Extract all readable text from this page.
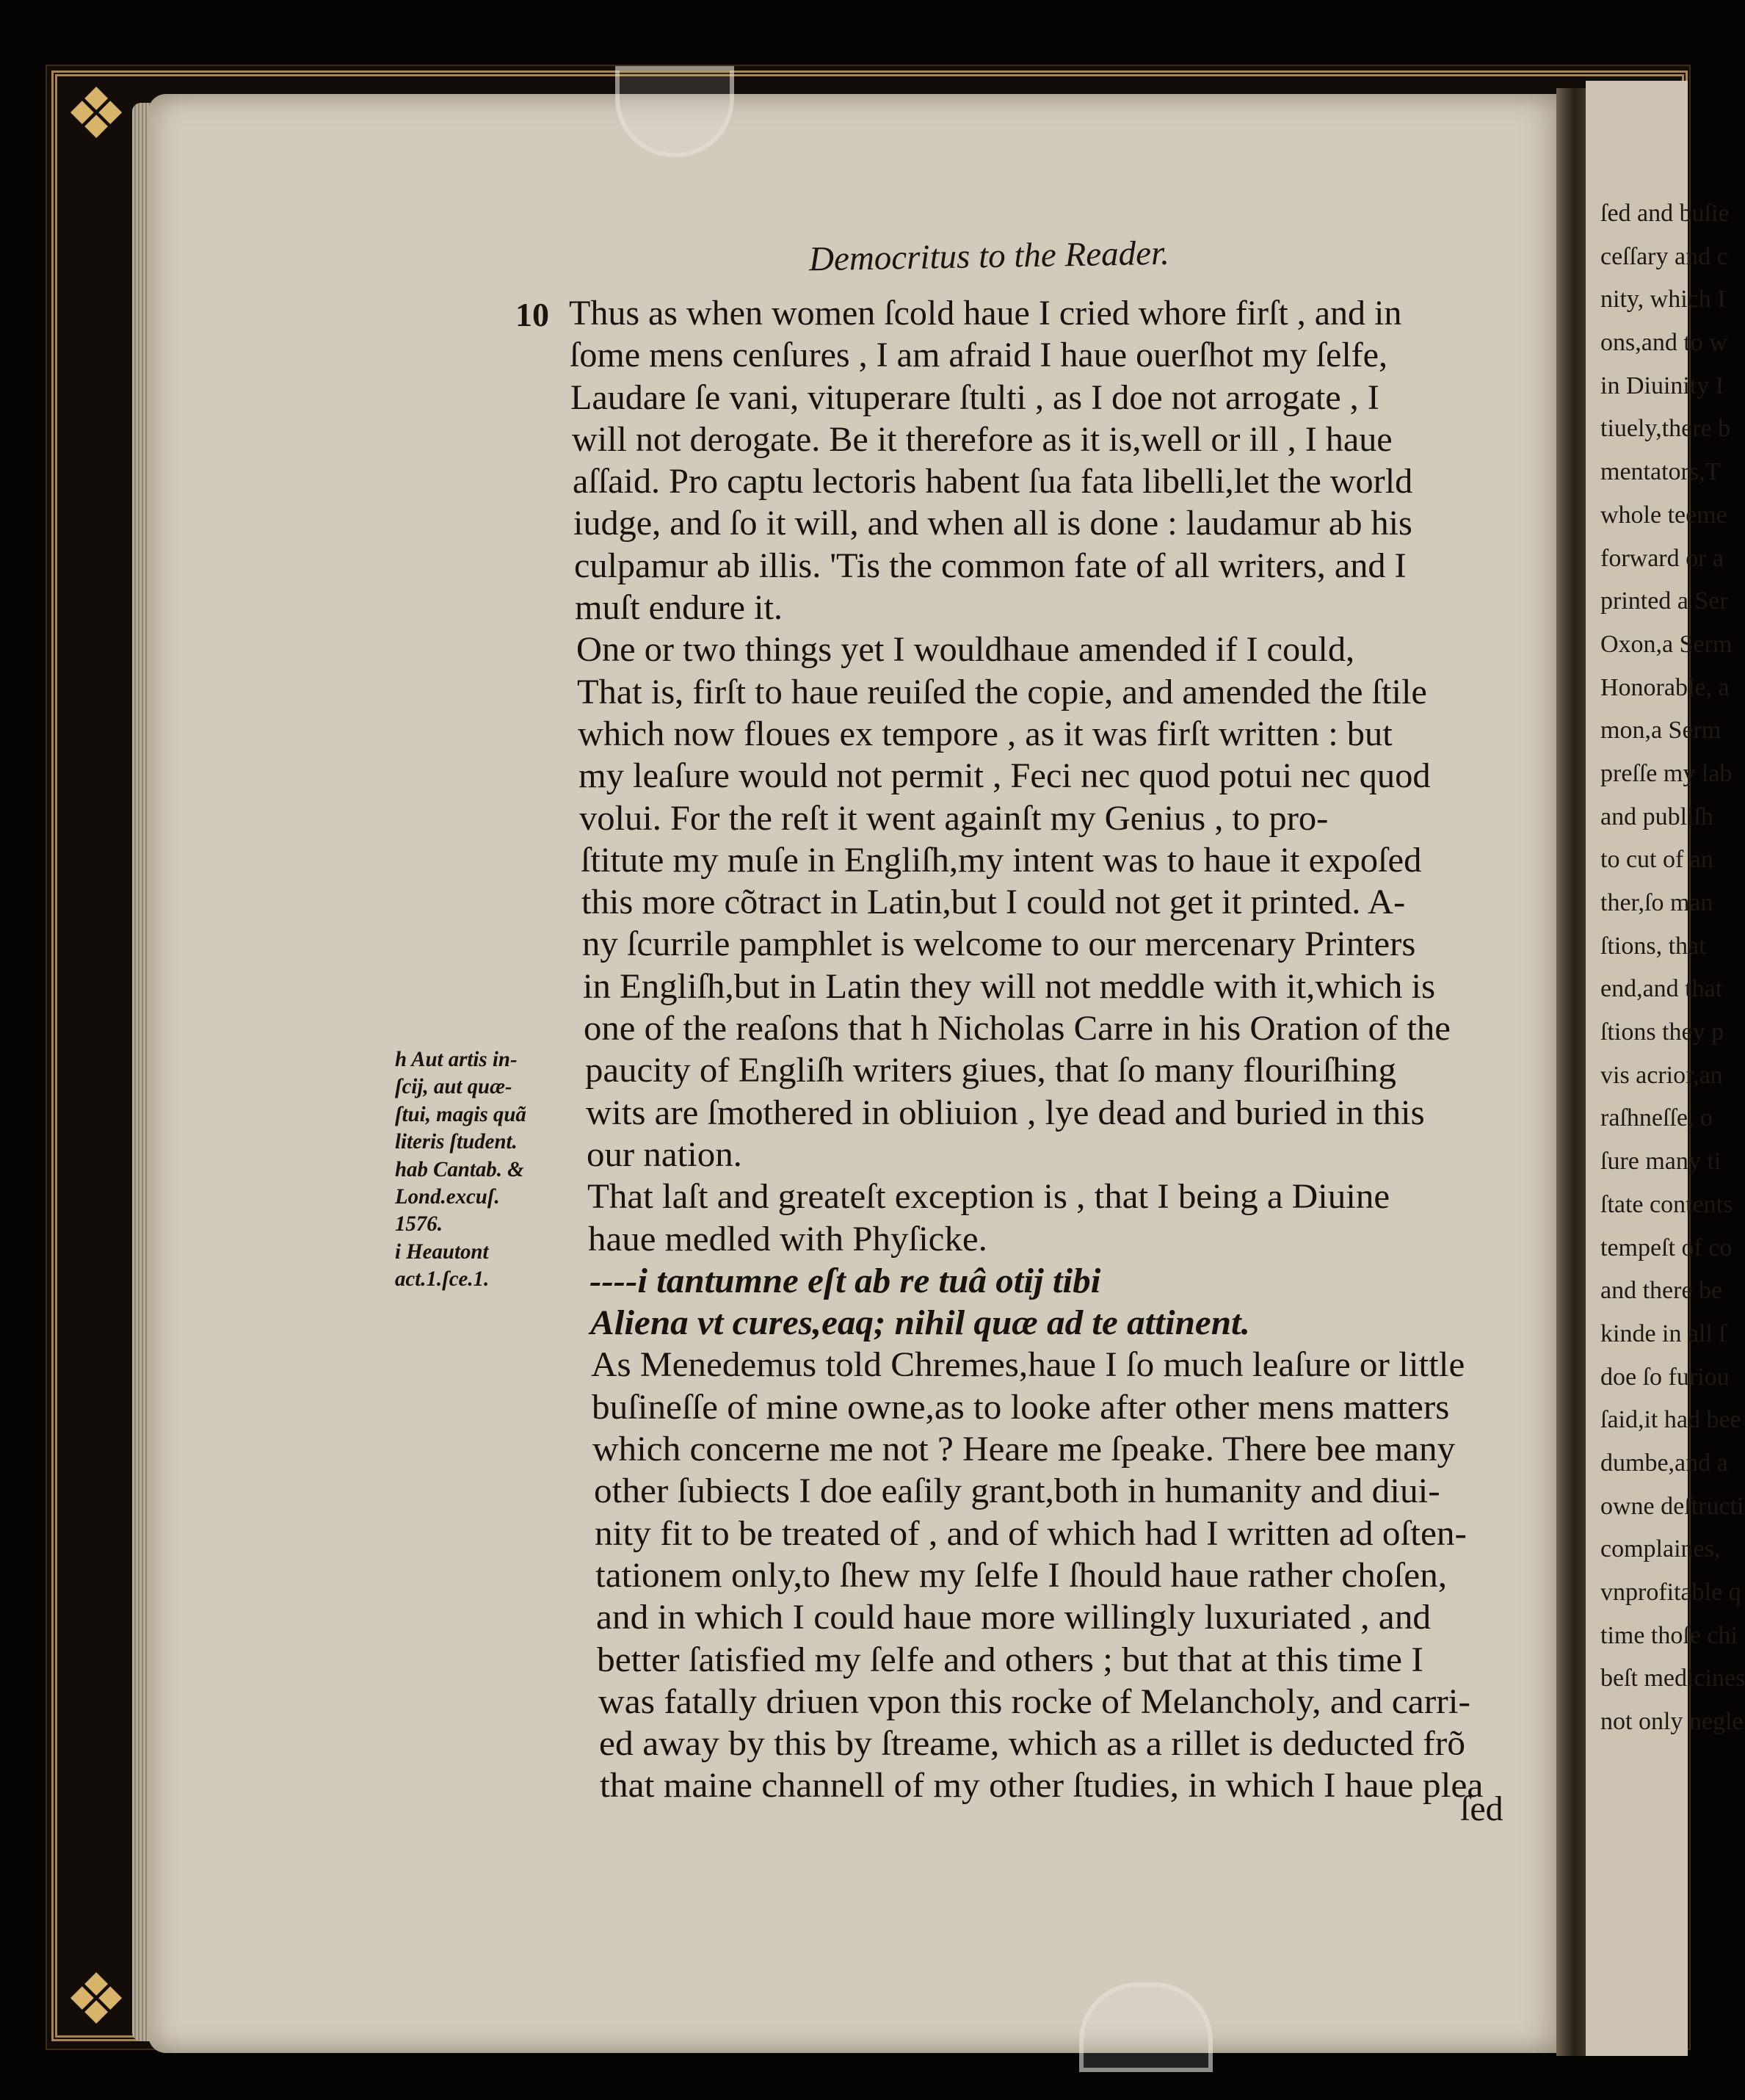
❖
❖
ſed and buſie
ceſſary and c
nity, which I
ons,and to w
in Diuinity I
tiuely,there b
mentators,T
whole teeme
forward or a
printed a Ser
Oxon,a Serm
Honorable, a
mon,a Serm
preſſe my lab
and publiſh
to cut of an
ther,ſo man
ſtions, that
end,and that
ſtions they p
vis acrior,an
raſhneſſe, o
ſure many ti
ſtate contents
tempeſt of co
and there be
kinde in all ſ
doe ſo furiou
ſaid,it had bee
dumbe,and a
owne deſtructi
complaines,
vnprofitable q
time thoſe chi
beſt medicines
not only negle
10
Democritus to the Reader.
Thus as when women ſcold haue I cried whore firſt , and in
ſome mens cenſures , I am afraid I haue ouerſhot my ſelfe,
Laudare ſe vani, vituperare ſtulti , as I doe not arrogate , I
will not derogate. Be it therefore as it is,well or ill , I haue
aſſaid. Pro captu lectoris habent ſua fata libelli,let the world
iudge, and ſo it will, and when all is done : laudamur ab his
culpamur ab illis. 'Tis the common fate of all writers, and I
muſt endure it.
One or two things yet I wouldhaue amended if I could,
That is, firſt to haue reuiſed the copie, and amended the ſtile
which now floues ex tempore , as it was firſt written : but
my leaſure would not permit , Feci nec quod potui nec quod
volui. For the reſt it went againſt my Genius , to pro-
ſtitute my muſe in Engliſh,my intent was to haue it expoſed
this more cõtract in Latin,but I could not get it printed. A-
ny ſcurrile pamphlet is welcome to our mercenary Printers
in Engliſh,but in Latin they will not meddle with it,which is
one of the reaſons that h Nicholas Carre in his Oration of the
paucity of Engliſh writers giues, that ſo many flouriſhing
wits are ſmothered in obliuion , lye dead and buried in this
our nation.
That laſt and greateſt exception is , that I being a Diuine
haue medled with Phyſicke.
----i tantumne eſt ab re tuâ otij tibi
Aliena vt cures,eaq; nihil quæ ad te attinent.
As Menedemus told Chremes,haue I ſo much leaſure or little
buſineſſe of mine owne,as to looke after other mens matters
which concerne me not ? Heare me ſpeake. There bee many
other ſubiects I doe eaſily grant,both in humanity and diui-
nity fit to be treated of , and of which had I written ad oſten-
tationem only,to ſhew my ſelfe I ſhould haue rather choſen,
and in which I could haue more willingly luxuriated , and
better ſatisfied my ſelfe and others ; but that at this time I
was fatally driuen vpon this rocke of Melancholy, and carri-
ed away by this by ſtreame, which as a rillet is deducted frõ
that maine channell of my other ſtudies, in which I haue plea
h Aut artis in-
ſcij, aut quæ-
ſtui, magis quã
literis ſtudent.
hab Cantab. &
Lond.excuſ.
1576.
i Heautont
act.1.ſce.1.
ſed
